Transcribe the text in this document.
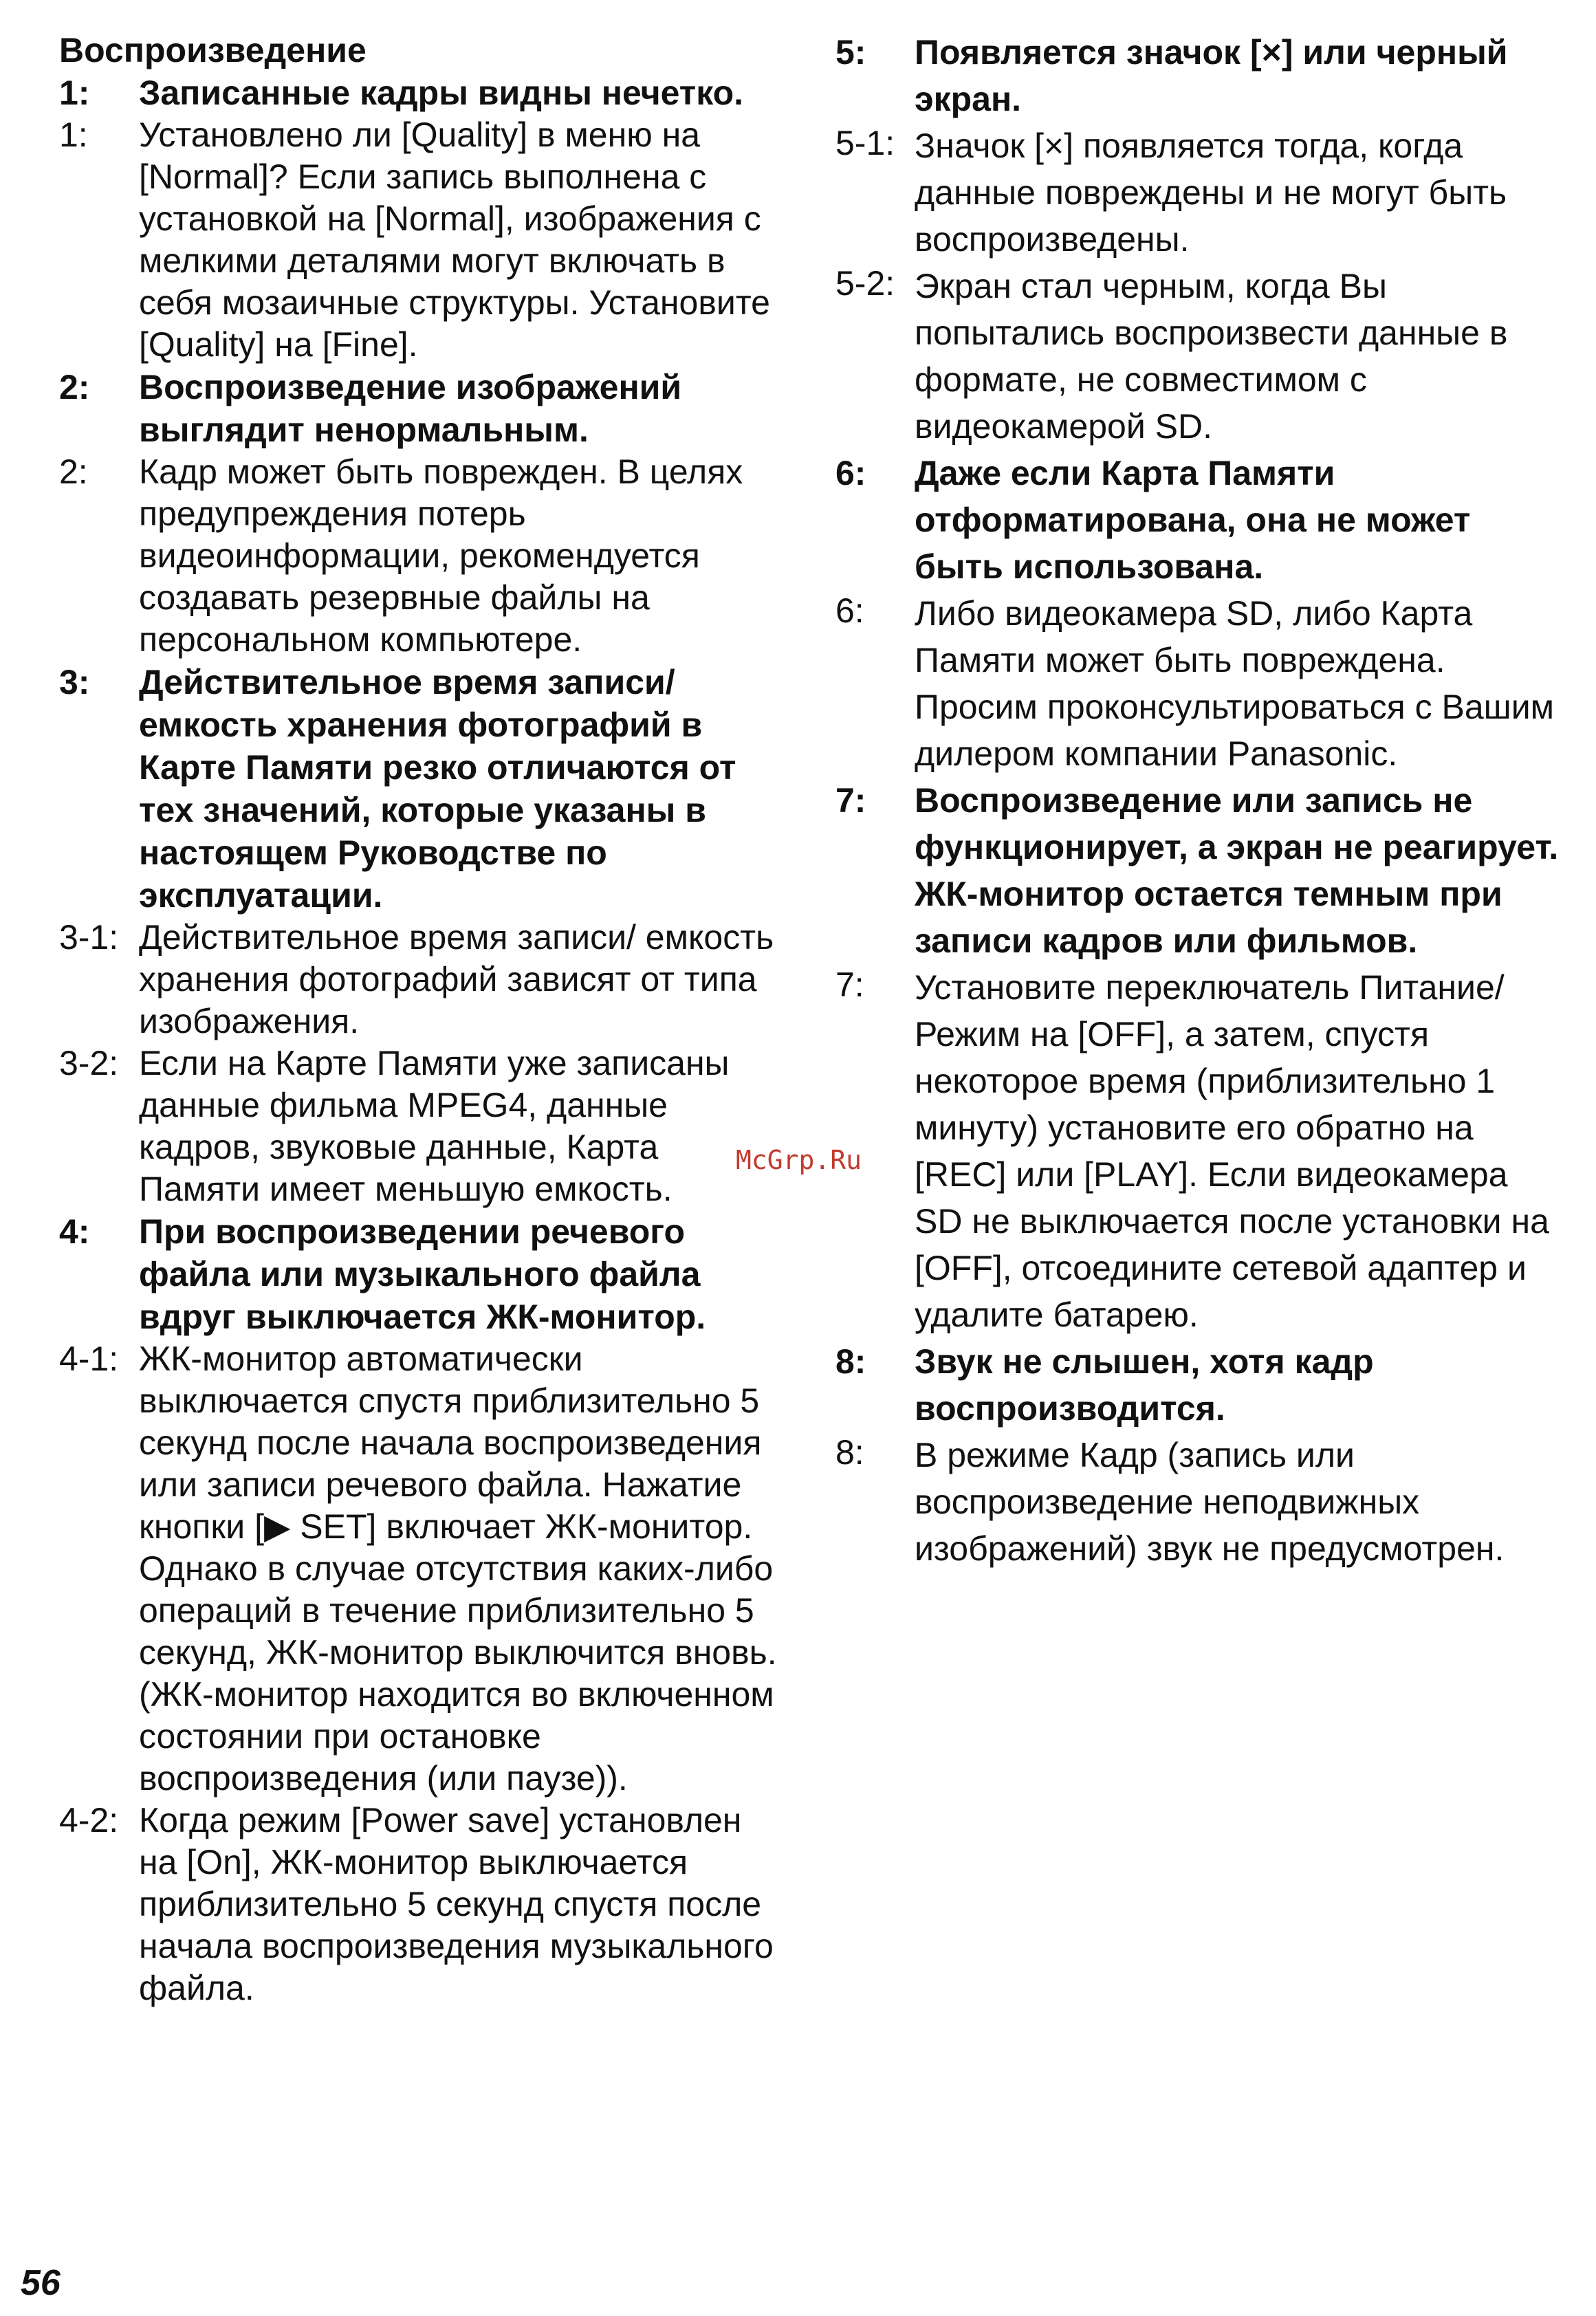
Воспроизведение
1:	Записанные кадры видны нечетко.
1:	Установлено ли [Quality] в меню на [Normal]? Если запись выполнена с установкой на [Normal], изображения с мелкими деталями могут включать в себя мозаичные структуры. Установите [Quality] на [Fine].
2:	Воспроизведение изображений выглядит ненормальным.
2:	Кадр может быть поврежден. В целях предупреждения потерь видеоинформации, рекомендуется создавать резервные файлы на персональном компьютере.
3:	Действительное время записи/ емкость хранения фотографий в Карте Памяти резко отличаются от тех значений, которые указаны в настоящем Руководстве по эксплуатации.
3-1: Действительное время записи/ емкость хранения фотографий зависят от типа изображения.
3-2: Если на Карте Памяти уже записаны данные фильма MPEG4, данные кадров, звуковые данные, Карта Памяти имеет меньшую емкость.
4:	При воспроизведении речевого файла или музыкального файла вдруг выключается ЖК-монитор.
4-1: ЖК-монитор автоматически выключается спустя приблизительно 5 секунд после начала воспроизведения или записи речевого файла. Нажатие кнопки [▶ SET] включает ЖК-монитор. Однако в случае отсутствия каких-либо операций в течение приблизительно 5 секунд, ЖК-монитор выключится вновь. (ЖК-монитор находится во включенном состоянии при остановке воспроизведения (или паузе)).
4-2: Когда режим [Power save] установлен на [On], ЖК-монитор выключается приблизительно 5 секунд спустя после начала воспроизведения музыкального файла.
5:	Появляется значок [×] или черный экран.
5-1: Значок [×] появляется тогда, когда данные повреждены и не могут быть воспроизведены.
5-2: Экран стал черным, когда Вы попытались воспроизвести данные в формате, не совместимом с видеокамерой SD.
6:	Даже если Карта Памяти отформатирована, она не может быть использована.
6:	Либо видеокамера SD, либо Карта Памяти может быть повреждена. Просим проконсультироваться с Вашим дилером компании Panasonic.
7:	Воспроизведение или запись не функционирует, а экран не реагирует. ЖК-монитор остается темным при записи кадров или фильмов.
7:	Установите переключатель Питание/ Режим на [OFF], а затем, спустя некоторое время (приблизительно 1 минуту) установите его обратно на [REC] или [PLAY]. Если видеокамера SD не выключается после установки на [OFF], отсоедините сетевой адаптер и удалите батарею.
8:	Звук не слышен, хотя кадр воспроизводится.
8:	В режиме Кадр (запись или воспроизведение неподвижных изображений) звук не предусмотрен.
McGrp.Ru
56
